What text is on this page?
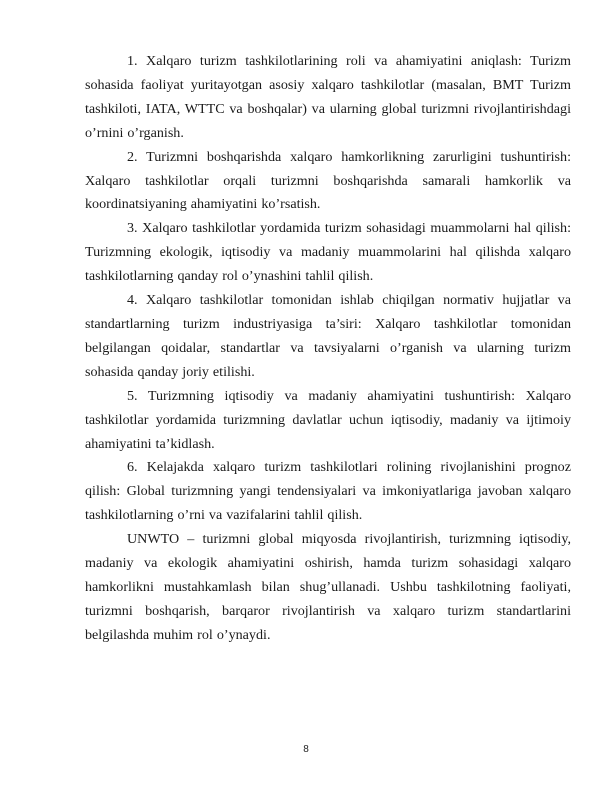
1. Xalqaro turizm tashkilotlarining roli va ahamiyatini aniqlash: Turizm sohasida faoliyat yuritayotgan asosiy xalqaro tashkilotlar (masalan, BMT Turizm tashkiloti, IATA, WTTC va boshqalar) va ularning global turizmni rivojlantirishdagi o’rnini o’rganish.

2. Turizmni boshqarishda xalqaro hamkorlikning zarurligini tushuntirish: Xalqaro tashkilotlar orqali turizmni boshqarishda samarali hamkorlik va koordinatsiyaning ahamiyatini ko’rsatish.

3. Xalqaro tashkilotlar yordamida turizm sohasidagi muammolarni hal qilish: Turizmning ekologik, iqtisodiy va madaniy muammolarini hal qilishda xalqaro tashkilotlarning qanday rol o’ynashini tahlil qilish.

4. Xalqaro tashkilotlar tomonidan ishlab chiqilgan normativ hujjatlar va standartlarning turizm industriyasiga ta’siri: Xalqaro tashkilotlar tomonidan belgilangan qoidalar, standartlar va tavsiyalarni o’rganish va ularning turizm sohasida qanday joriy etilishi.

5. Turizmning iqtisodiy va madaniy ahamiyatini tushuntirish: Xalqaro tashkilotlar yordamida turizmning davlatlar uchun iqtisodiy, madaniy va ijtimoiy ahamiyatini ta’kidlash.

6. Kelajakda xalqaro turizm tashkilotlari rolining rivojlanishini prognoz qilish: Global turizmning yangi tendensiyalari va imkoniyatlariga javoban xalqaro tashkilotlarning o’rni va vazifalarini tahlil qilish.

UNWTO – turizmni global miqyosda rivojlantirish, turizmning iqtisodiy, madaniy va ekologik ahamiyatini oshirish, hamda turizm sohasidagi xalqaro hamkorlikni mustahkamlash bilan shug’ullanadi. Ushbu tashkilotning faoliyati, turizmni boshqarish, barqaror rivojlantirish va xalqaro turizm standartlarini belgilashda muhim rol o’ynaydi.

8
